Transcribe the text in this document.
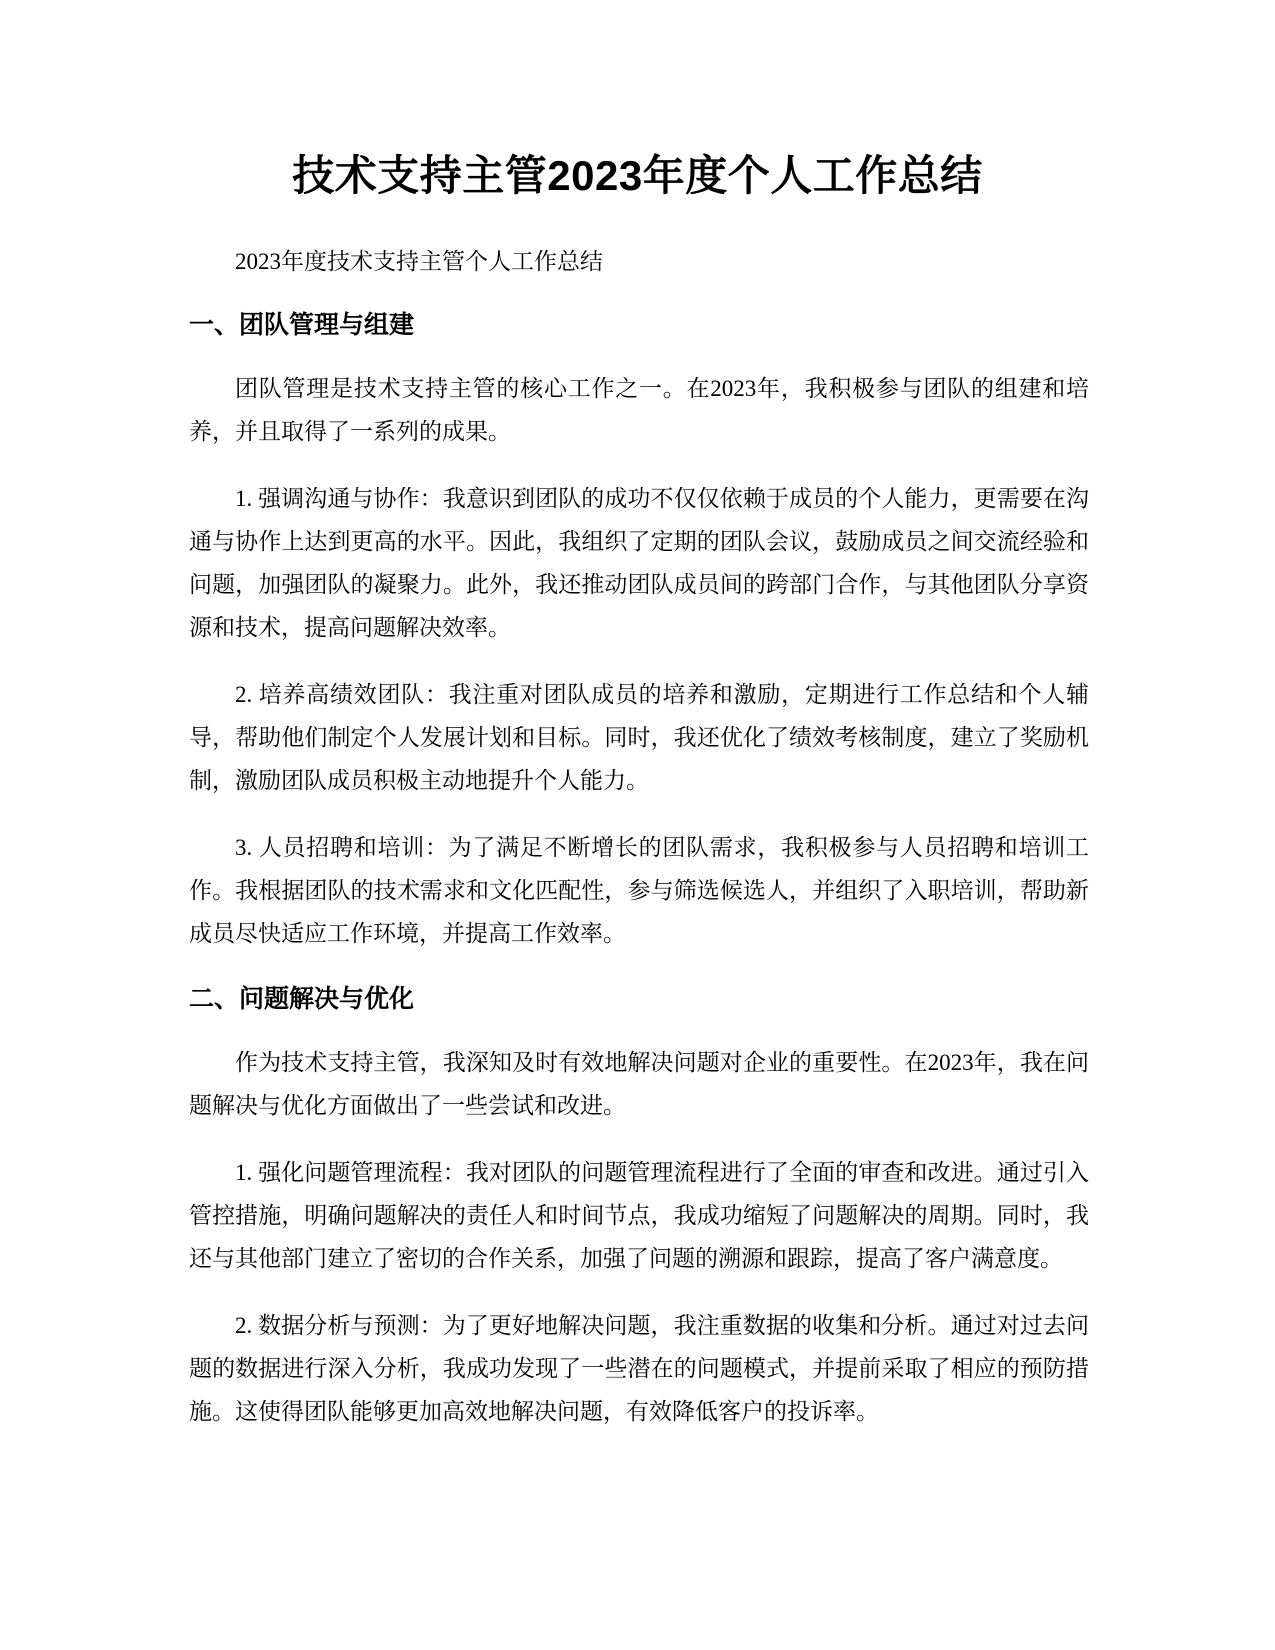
技术支持主管2023年度个人工作总结

2023年度技术支持主管个人工作总结

一、团队管理与组建

团队管理是技术支持主管的核心工作之一。在2023年，我积极参与团队的组建和培养，并且取得了一系列的成果。

1. 强调沟通与协作：我意识到团队的成功不仅仅依赖于成员的个人能力，更需要在沟通与协作上达到更高的水平。因此，我组织了定期的团队会议，鼓励成员之间交流经验和问题，加强团队的凝聚力。此外，我还推动团队成员间的跨部门合作，与其他团队分享资源和技术，提高问题解决效率。

2. 培养高绩效团队：我注重对团队成员的培养和激励，定期进行工作总结和个人辅导，帮助他们制定个人发展计划和目标。同时，我还优化了绩效考核制度，建立了奖励机制，激励团队成员积极主动地提升个人能力。

3. 人员招聘和培训：为了满足不断增长的团队需求，我积极参与人员招聘和培训工作。我根据团队的技术需求和文化匹配性，参与筛选候选人，并组织了入职培训，帮助新成员尽快适应工作环境，并提高工作效率。

二、问题解决与优化

作为技术支持主管，我深知及时有效地解决问题对企业的重要性。在2023年，我在问题解决与优化方面做出了一些尝试和改进。

1. 强化问题管理流程：我对团队的问题管理流程进行了全面的审查和改进。通过引入管控措施，明确问题解决的责任人和时间节点，我成功缩短了问题解决的周期。同时，我还与其他部门建立了密切的合作关系，加强了问题的溯源和跟踪，提高了客户满意度。

2. 数据分析与预测：为了更好地解决问题，我注重数据的收集和分析。通过对过去问题的数据进行深入分析，我成功发现了一些潜在的问题模式，并提前采取了相应的预防措施。这使得团队能够更加高效地解决问题，有效降低客户的投诉率。
